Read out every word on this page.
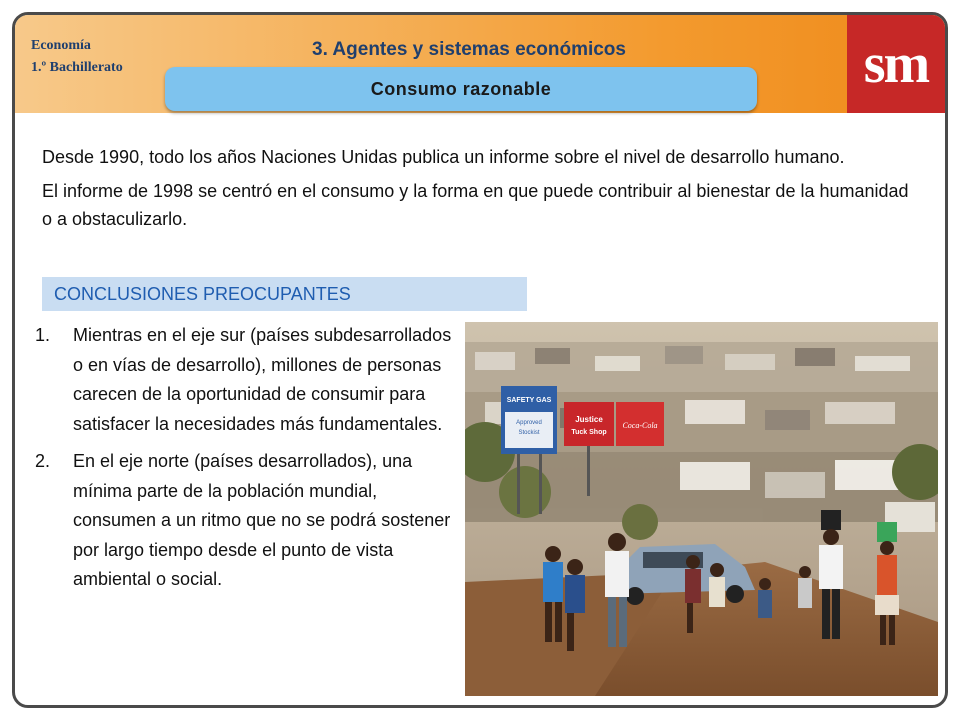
Economía
1.º Bachillerato
3. Agentes y sistemas económicos	sm
Consumo razonable

Desde 1990, todo los años Naciones Unidas publica un informe sobre el nivel de desarrollo humano.

El informe de 1998 se centró en el consumo y la forma en que puede contribuir al bienestar de la humanidad o a obstaculizarlo.

CONCLUSIONES PREOCUPANTES
1.	Mientras en el eje sur (países subdesarrollados o en vías de desarrollo), millones de personas carecen de la oportunidad de consumir para satisfacer la necesidades más fundamentales.
2.	En el eje norte (países desarrollados), una mínima parte de la población mundial, consumen a un ritmo que no se podrá sostener por largo tiempo desde el punto de vista ambiental o social.
SAFETY GAS
Approved
Stockist
Justice
Tuck Shop
Coca-Cola
